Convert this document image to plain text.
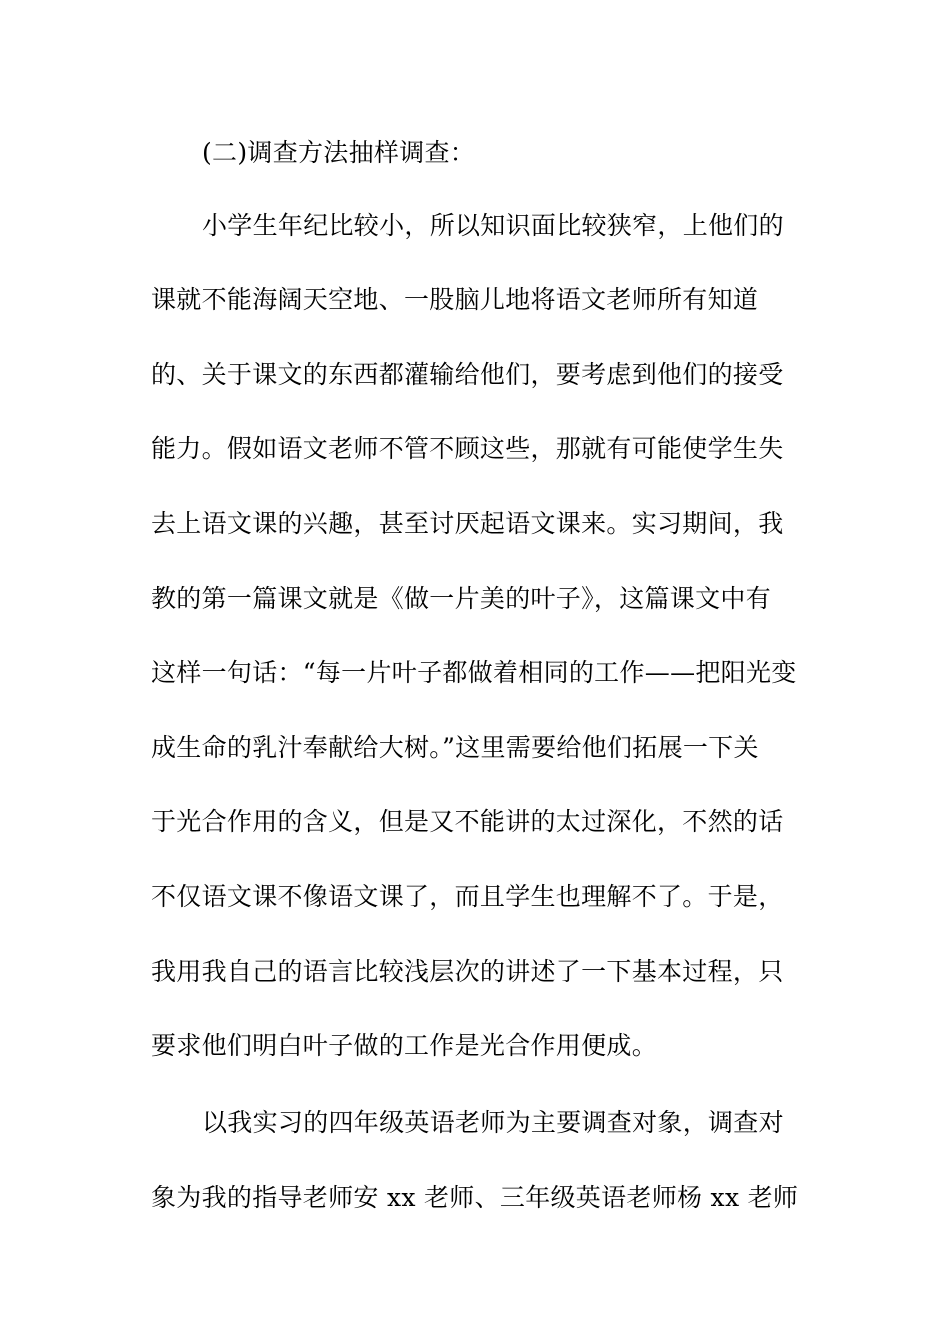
(二)调查方法抽样调查：
小学生年纪比较小，所以知识面比较狭窄，上他们的
课就不能海阔天空地、一股脑儿地将语文老师所有知道
的、关于课文的东西都灌输给他们，要考虑到他们的接受
能力。假如语文老师不管不顾这些，那就有可能使学生失
去上语文课的兴趣，甚至讨厌起语文课来。实习期间，我
教的第一篇课文就是《做一片美的叶子》，这篇课文中有
这样一句话：“每一片叶子都做着相同的工作——把阳光变
成生命的乳汁奉献给大树。”这里需要给他们拓展一下关
于光合作用的含义，但是又不能讲的太过深化，不然的话
不仅语文课不像语文课了，而且学生也理解不了。于是，
我用我自己的语言比较浅层次的讲述了一下基本过程，只
要求他们明白叶子做的工作是光合作用便成。
以我实习的四年级英语老师为主要调查对象，调查对
象为我的指导老师安 xx 老师、三年级英语老师杨 xx 老师
